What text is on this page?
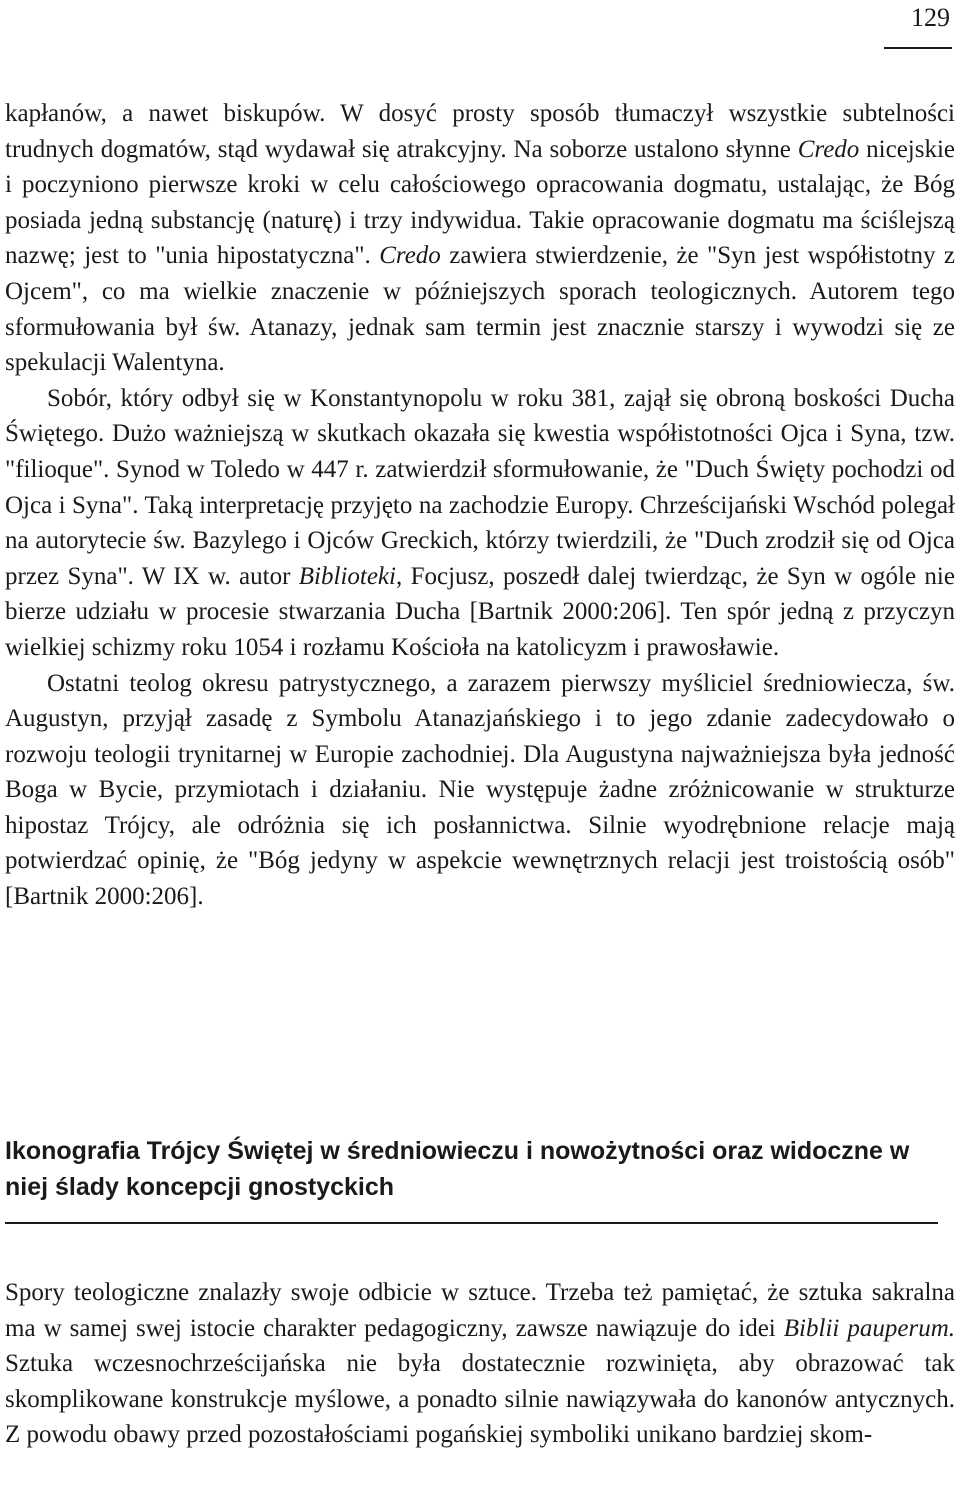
129

kapłanów, a nawet biskupów. W dosyć prosty sposób tłumaczył wszystkie subtelności trudnych dogmatów, stąd wydawał się atrakcyjny. Na soborze ustalono słynne Credo nicejskie i poczyniono pierwsze kroki w celu całościowego opracowania dogmatu, ustalając, że Bóg posiada jedną substancję (naturę) i trzy indywidua. Takie opracowanie dogmatu ma ściślejszą nazwę; jest to "unia hipostatyczna". Credo zawiera stwierdzenie, że "Syn jest współistotny z Ojcem", co ma wielkie znaczenie w późniejszych sporach teologicznych. Autorem tego sformułowania był św. Atanazy, jednak sam termin jest znacznie starszy i wywodzi się ze spekulacji Walentyna.

Sobór, który odbył się w Konstantynopolu w roku 381, zajął się obroną boskości Ducha Świętego. Dużo ważniejszą w skutkach okazała się kwestia współistotności Ojca i Syna, tzw. "filioque". Synod w Toledo w 447 r. zatwierdził sformułowanie, że "Duch Święty pochodzi od Ojca i Syna". Taką interpretację przyjęto na zachodzie Europy. Chrześcijański Wschód polegał na autorytecie św. Bazylego i Ojców Greckich, którzy twierdzili, że "Duch zrodził się od Ojca przez Syna". W IX w. autor Biblioteki, Focjusz, poszedł dalej twierdząc, że Syn w ogóle nie bierze udziału w procesie stwarzania Ducha [Bartnik 2000:206]. Ten spór jedną z przyczyn wielkiej schizmy roku 1054 i rozłamu Kościoła na katolicyzm i prawosławie.

Ostatni teolog okresu patrystycznego, a zarazem pierwszy myśliciel średniowiecza, św. Augustyn, przyjął zasadę z Symbolu Atanazjańskiego i to jego zdanie zadecydowało o rozwoju teologii trynitarnej w Europie zachodniej. Dla Augustyna najważniejsza była jedność Boga w Bycie, przymiotach i działaniu. Nie występuje żadne zróżnicowanie w strukturze hipostaz Trójcy, ale odróżnia się ich posłannictwa. Silnie wyodrębnione relacje mają potwierdzać opinię, że "Bóg jedyny w aspekcie wewnętrznych relacji jest troistością osób" [Bartnik 2000:206].

Ikonografia Trójcy Świętej w średniowieczu i nowożytności oraz widoczne w niej ślady koncepcji gnostyckich

Spory teologiczne znalazły swoje odbicie w sztuce. Trzeba też pamiętać, że sztuka sakralna ma w samej swej istocie charakter pedagogiczny, zawsze nawiązuje do idei Biblii pauperum. Sztuka wczesnochrześcijańska nie była dostatecznie rozwinięta, aby obrazować tak skomplikowane konstrukcje myślowe, a ponadto silnie nawiązywała do kanonów antycznych. Z powodu obawy przed pozostałościami pogańskiej symboliki unikano bardziej skom-
